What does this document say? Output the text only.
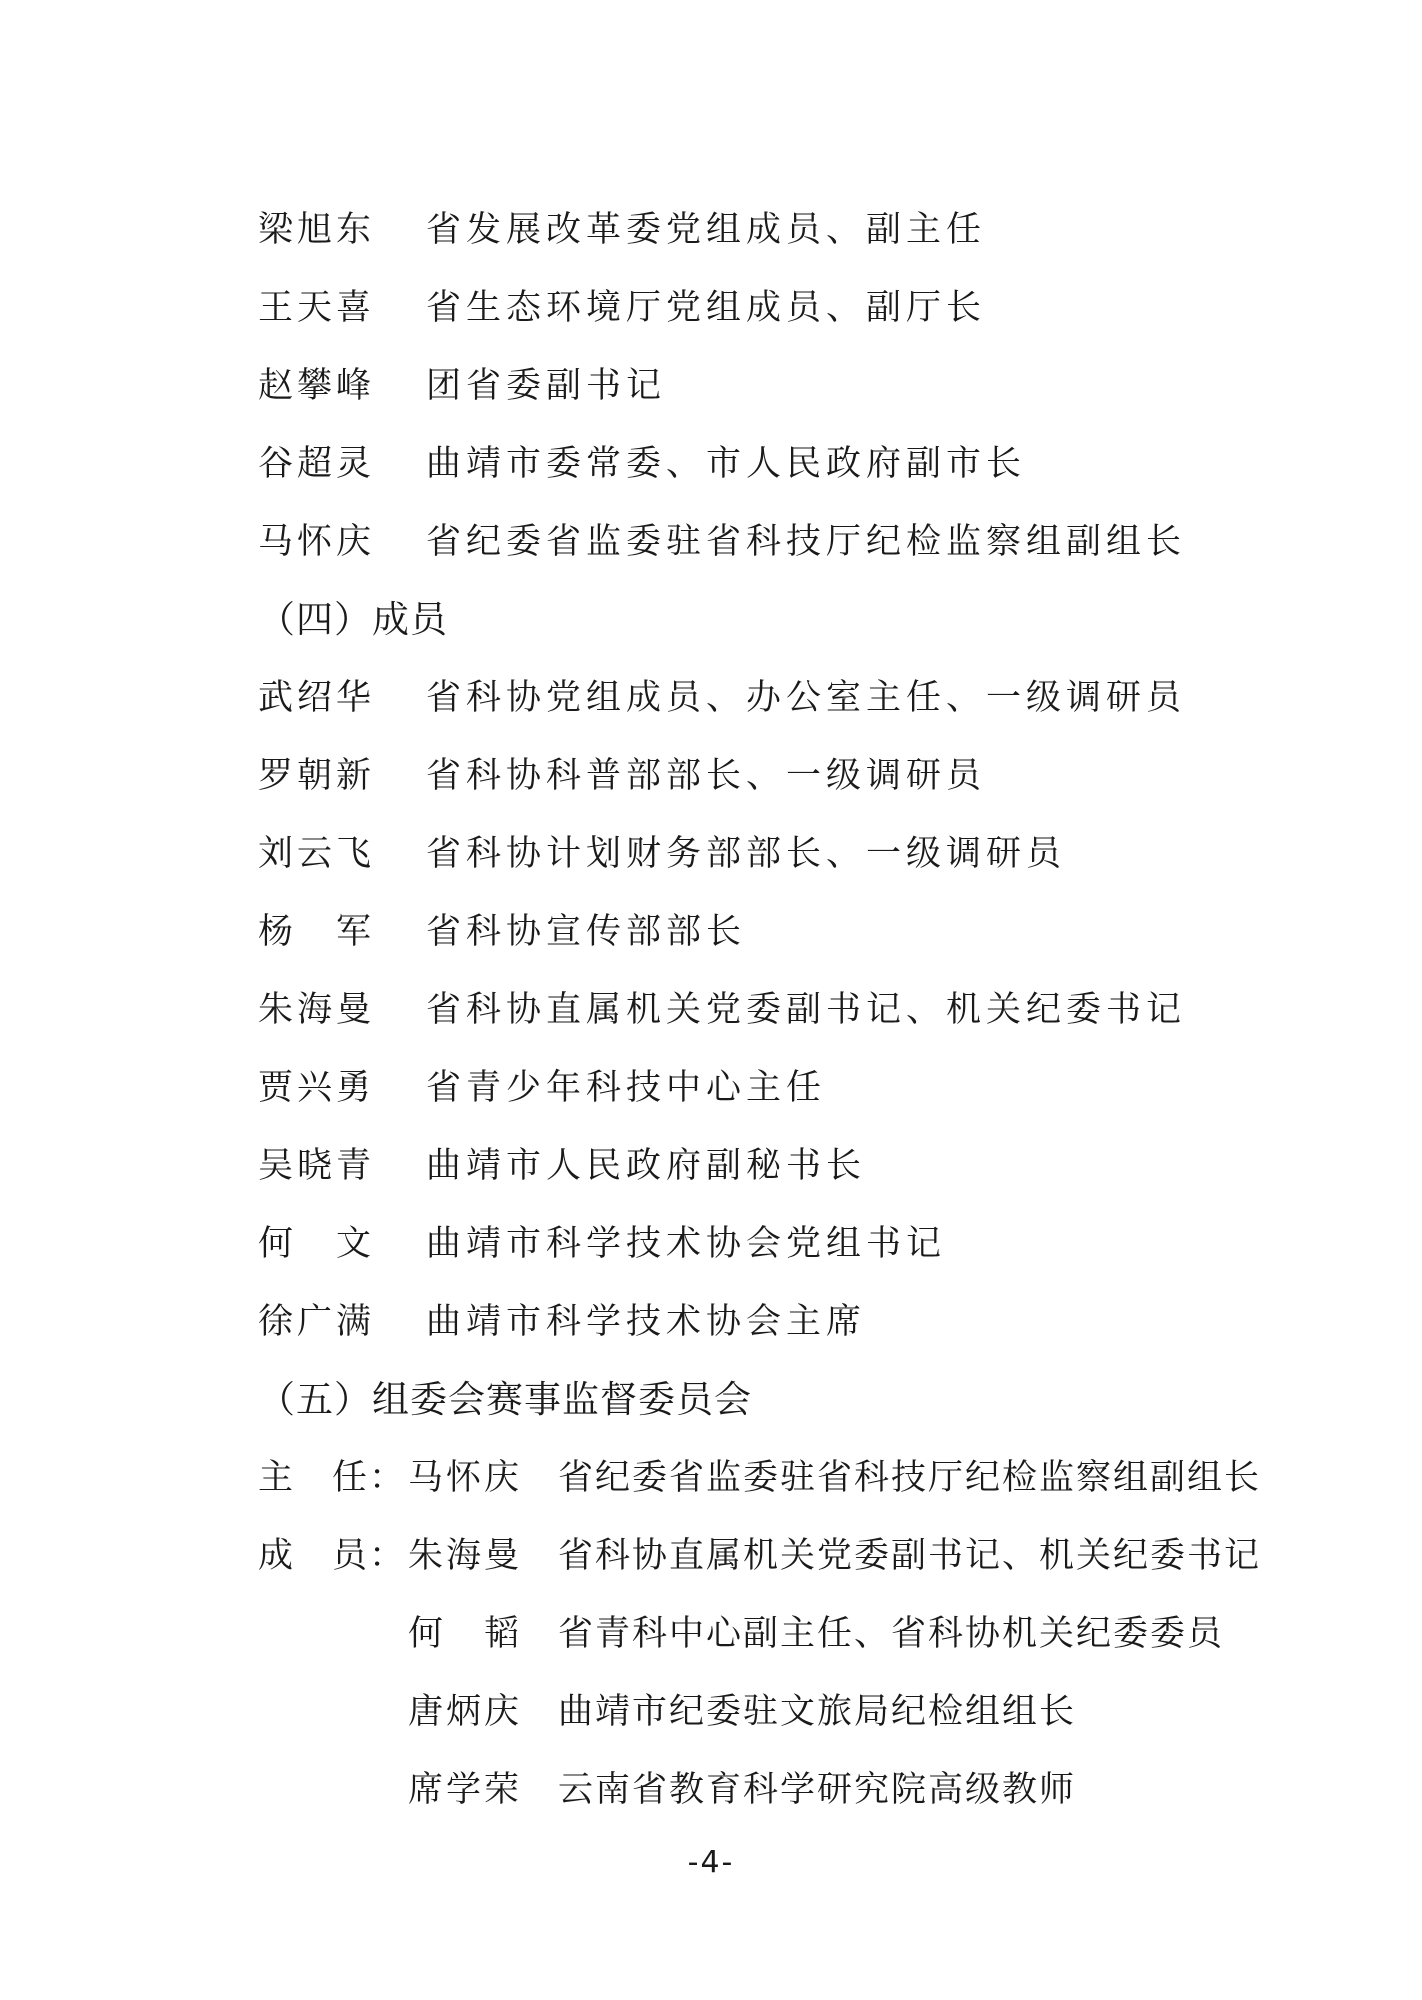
梁旭东 省发展改革委党组成员、副主任
王天喜 省生态环境厅党组成员、副厅长
赵攀峰 团省委副书记
谷超灵 曲靖市委常委、市人民政府副市长
马怀庆 省纪委省监委驻省科技厅纪检监察组副组长
（四）成员
武绍华 省科协党组成员、办公室主任、一级调研员
罗朝新 省科协科普部部长、一级调研员
刘云飞 省科协计划财务部部长、一级调研员
杨　军 省科协宣传部部长
朱海曼 省科协直属机关党委副书记、机关纪委书记
贾兴勇 省青少年科技中心主任
吴晓青 曲靖市人民政府副秘书长
何　文 曲靖市科学技术协会党组书记
徐广满 曲靖市科学技术协会主席
（五）组委会赛事监督委员会
主　任： 马怀庆 省纪委省监委驻省科技厅纪检监察组副组长
成　员： 朱海曼 省科协直属机关党委副书记、机关纪委书记
何　韬 省青科中心副主任、省科协机关纪委委员
唐炳庆 曲靖市纪委驻文旅局纪检组组长
席学荣 云南省教育科学研究院高级教师
-4-
